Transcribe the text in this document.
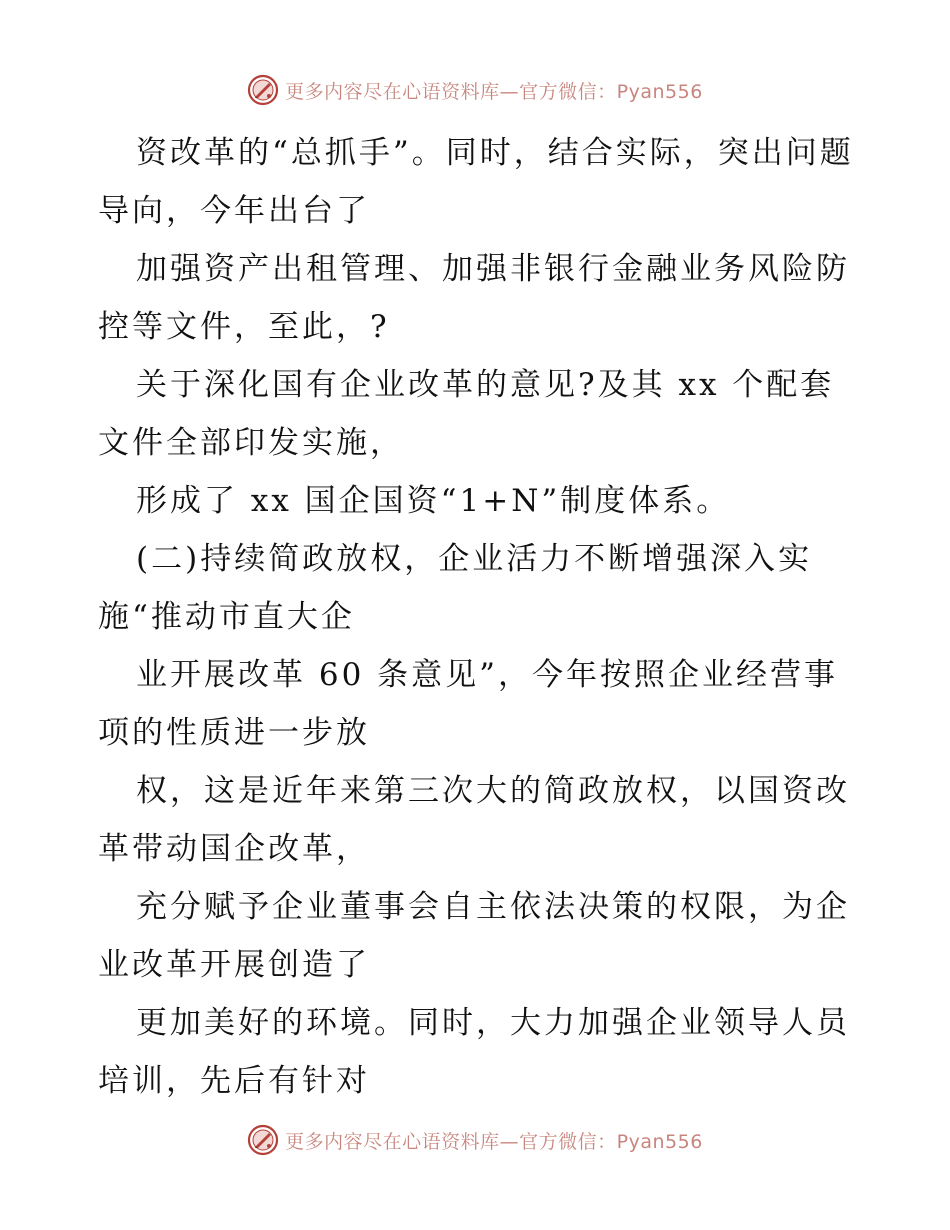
更多内容尽在心语资料库—官方微信：Pyan556

资改革的“总抓手”。同时，结合实际，突出问题导向，今年出台了

加强资产出租管理、加强非银行金融业务风险防控等文件，至此，?

关于深化国有企业改革的意见?及其 xx 个配套文件全部印发实施，

形成了 xx 国企国资“1+N”制度体系。

(二)持续简政放权，企业活力不断增强深入实施“推动市直大企

业开展改革 60 条意见”，今年按照企业经营事项的性质进一步放

权，这是近年来第三次大的简政放权，以国资改革带动国企改革，

充分赋予企业董事会自主依法决策的权限，为企业改革开展创造了

更加美好的环境。同时，大力加强企业领导人员培训，先后有针对

更多内容尽在心语资料库—官方微信：Pyan556
